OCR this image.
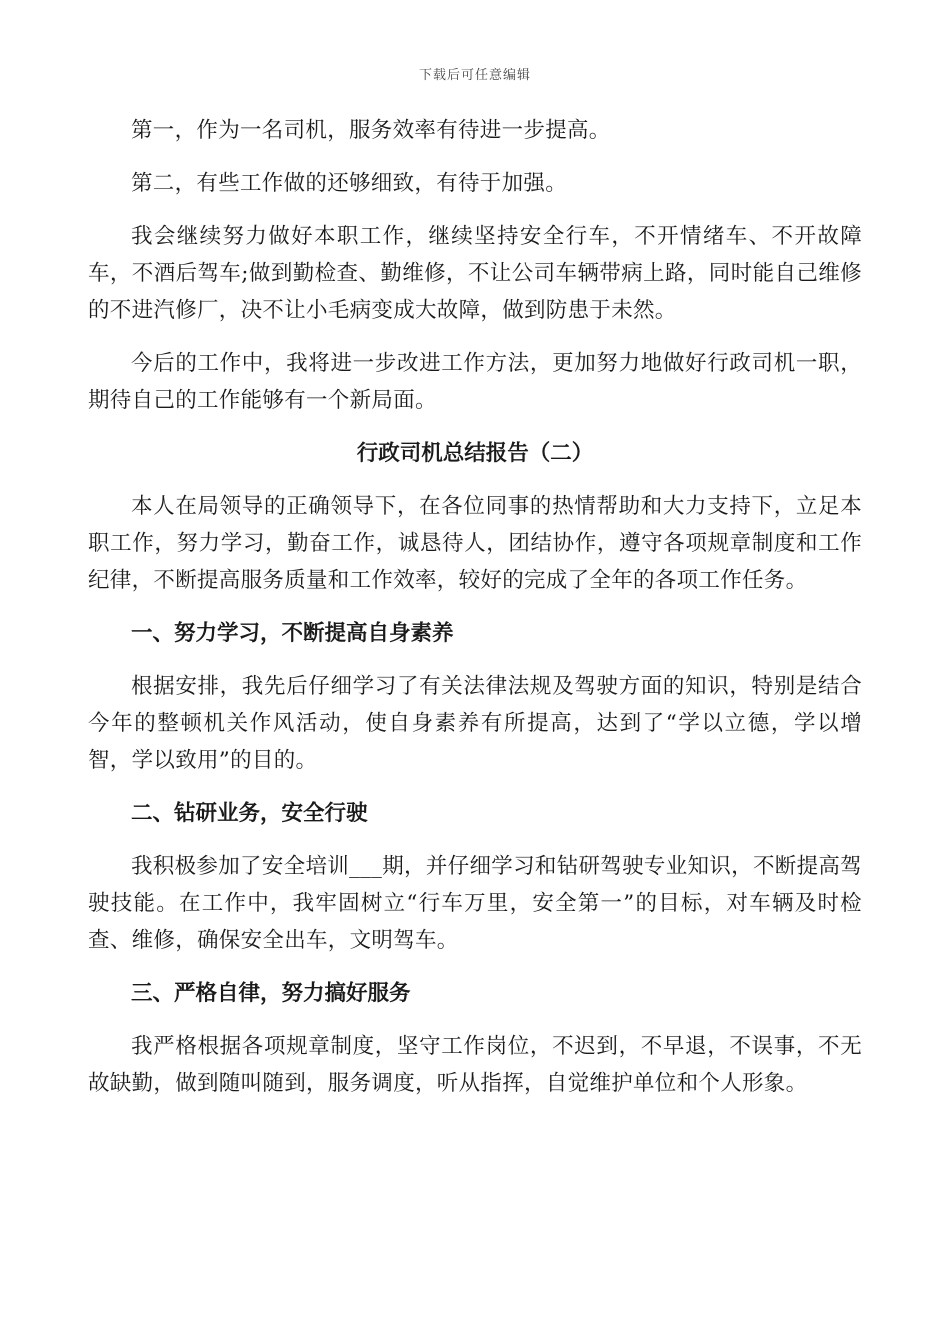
下载后可任意编辑

第一，作为一名司机，服务效率有待进一步提高。

第二，有些工作做的还够细致，有待于加强。

我会继续努力做好本职工作，继续坚持安全行车，不开情绪车、不开故障车，不酒后驾车;做到勤检查、勤维修，不让公司车辆带病上路，同时能自己维修的不进汽修厂，决不让小毛病变成大故障，做到防患于未然。

今后的工作中，我将进一步改进工作方法，更加努力地做好行政司机一职，期待自己的工作能够有一个新局面。

行政司机总结报告（二）

本人在局领导的正确领导下，在各位同事的热情帮助和大力支持下，立足本职工作，努力学习，勤奋工作，诚恳待人，团结协作，遵守各项规章制度和工作纪律，不断提高服务质量和工作效率，较好的完成了全年的各项工作任务。

一、努力学习，不断提高自身素养

根据安排，我先后仔细学习了有关法律法规及驾驶方面的知识，特别是结合今年的整顿机关作风活动，使自身素养有所提高，达到了“学以立德，学以增智，学以致用”的目的。

二、钻研业务，安全行驶

我积极参加了安全培训___期，并仔细学习和钻研驾驶专业知识，不断提高驾驶技能。在工作中，我牢固树立“行车万里，安全第一”的目标，对车辆及时检查、维修，确保安全出车，文明驾车。

三、严格自律，努力搞好服务

我严格根据各项规章制度，坚守工作岗位，不迟到，不早退，不误事，不无故缺勤，做到随叫随到，服务调度，听从指挥，自觉维护单位和个人形象。
